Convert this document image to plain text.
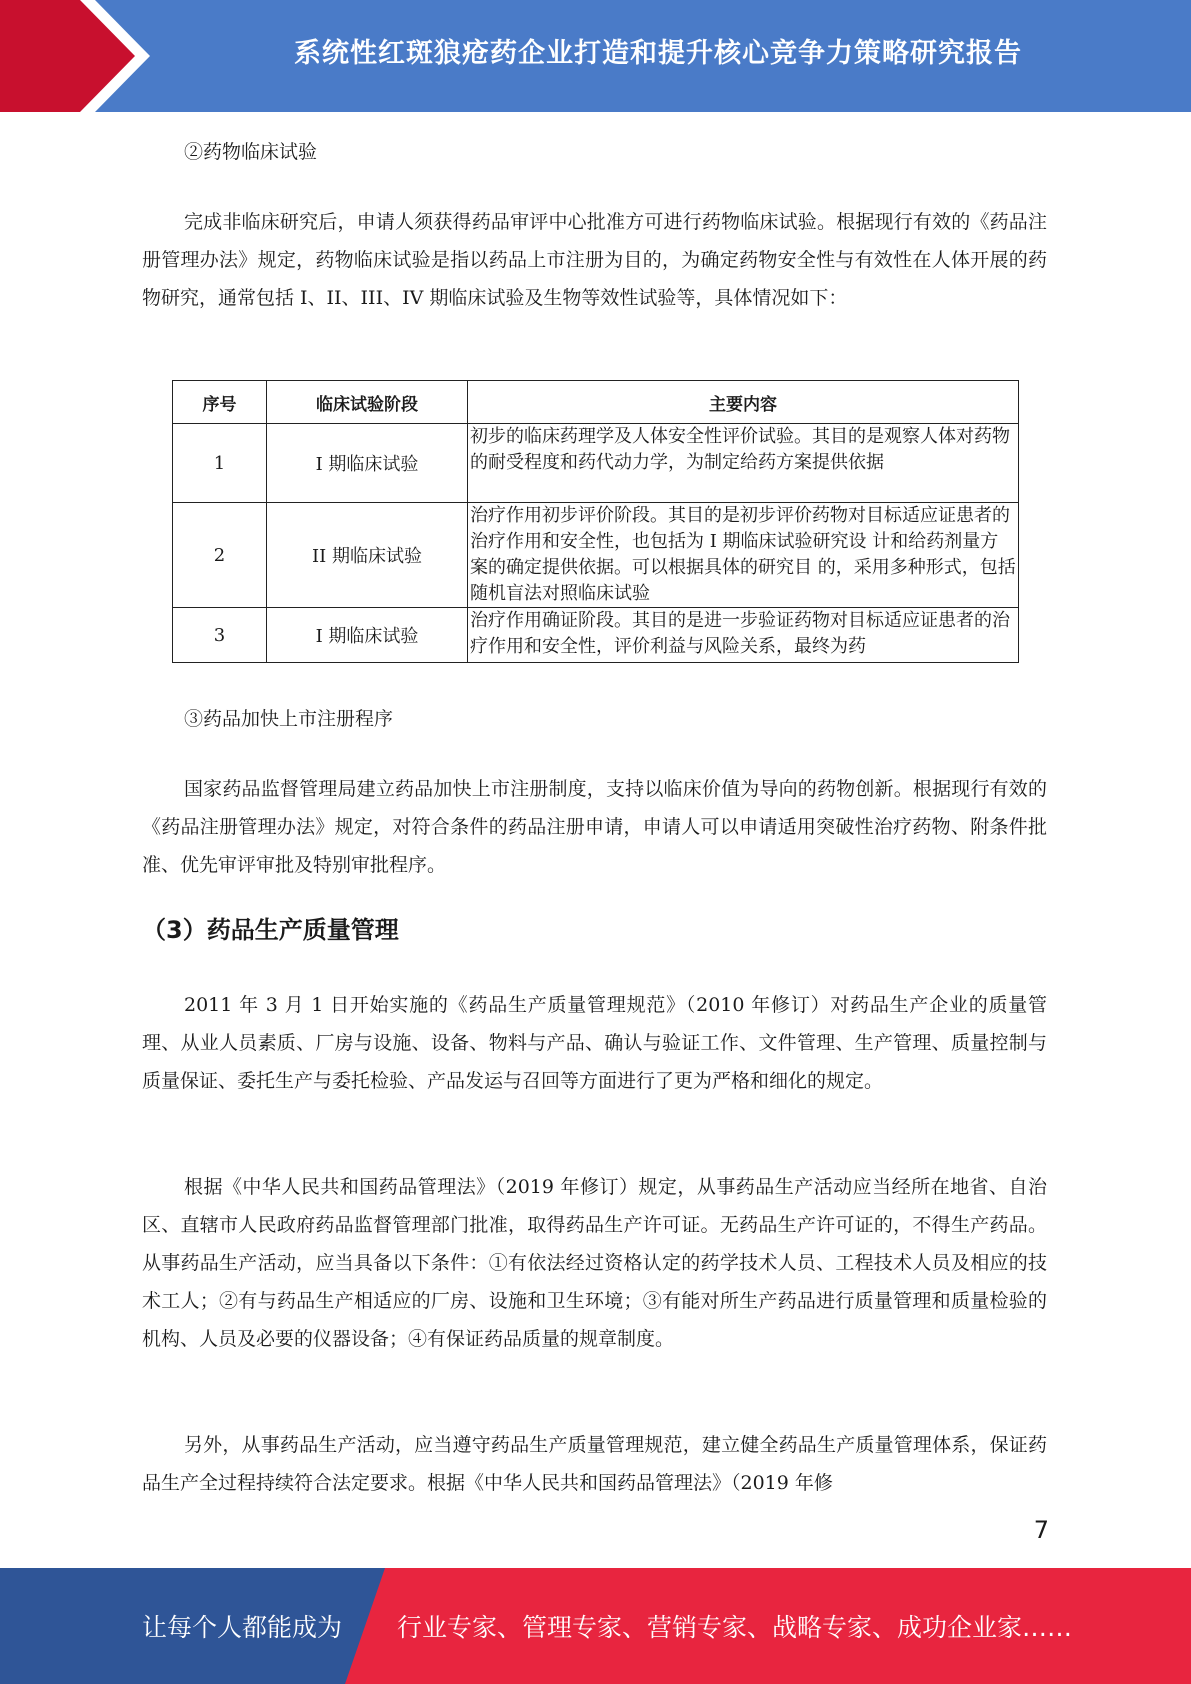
系统性红斑狼疮药企业打造和提升核心竞争力策略研究报告

②药物临床试验

完成非临床研究后，申请人须获得药品审评中心批准方可进行药物临床试验。根据现行有效的《药品注册管理办法》规定，药物临床试验是指以药品上市注册为目的，为确定药物安全性与有效性在人体开展的药物研究，通常包括 I、II、III、IV 期临床试验及生物等效性试验等，具体情况如下：

序号	临床试验阶段	主要内容
1	I 期临床试验	初步的临床药理学及人体安全性评价试验。其目的是观察人体对药物的耐受程度和药代动力学，为制定给药方案提供依据
2	II 期临床试验	治疗作用初步评价阶段。其目的是初步评价药物对目标适应证患者的治疗作用和安全性，也包括为 I 期临床试验研究设 计和给药剂量方案的确定提供依据。可以根据具体的研究目 的，采用多种形式，包括随机盲法对照临床试验
3	I 期临床试验	治疗作用确证阶段。其目的是进一步验证药物对目标适应证患者的治疗作用和安全性，评价利益与风险关系，最终为药

③药品加快上市注册程序

国家药品监督管理局建立药品加快上市注册制度，支持以临床价值为导向的药物创新。根据现行有效的《药品注册管理办法》规定，对符合条件的药品注册申请，申请人可以申请适用突破性治疗药物、附条件批准、优先审评审批及特别审批程序。

（3）药品生产质量管理

2011 年 3 月 1 日开始实施的《药品生产质量管理规范》（2010 年修订）对药品生产企业的质量管理、从业人员素质、厂房与设施、设备、物料与产品、确认与验证工作、文件管理、生产管理、质量控制与质量保证、委托生产与委托检验、产品发运与召回等方面进行了更为严格和细化的规定。

根据《中华人民共和国药品管理法》（2019 年修订）规定，从事药品生产活动应当经所在地省、自治区、直辖市人民政府药品监督管理部门批准，取得药品生产许可证。无药品生产许可证的，不得生产药品。从事药品生产活动，应当具备以下条件：①有依法经过资格认定的药学技术人员、工程技术人员及相应的技术工人；②有与药品生产相适应的厂房、设施和卫生环境；③有能对所生产药品进行质量管理和质量检验的机构、人员及必要的仪器设备；④有保证药品质量的规章制度。

另外，从事药品生产活动，应当遵守药品生产质量管理规范，建立健全药品生产质量管理体系，保证药品生产全过程持续符合法定要求。根据《中华人民共和国药品管理法》（2019 年修

7
让每个人都能成为 行业专家、管理专家、营销专家、战略专家、成功企业家……
